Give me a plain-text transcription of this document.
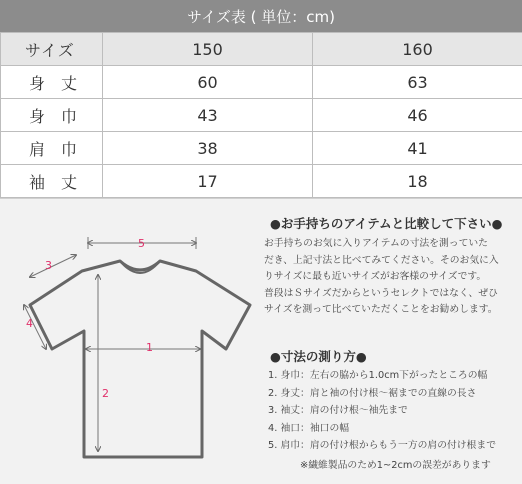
サイズ表 ( 単位：cm)
サイズ	150	160
身丈	60	63
身巾	43	46
肩巾	38	41
袖丈	17	18
1
2
3
4
5
●お手持ちのアイテムと比較して下さい●
お手持ちのお気に入りアイテムの寸法を測っていた
だき、上記寸法と比べてみてください。そのお気に入
りサイズに最も近いサイズがお客様のサイズです。
普段はＳサイズだからというセレクトではなく、ぜひ
サイズを測って比べていただくことをお勧めします。
●寸法の測り方●
1. 身巾：左右の脇から1.0cm下がったところの幅
2. 身丈：肩と袖の付け根〜裾までの直線の長さ
3. 袖丈：肩の付け根〜袖先まで
4. 袖口：袖口の幅
5. 肩巾：肩の付け根からもう一方の肩の付け根まで
※繊維製品のため1~2cmの誤差があります
